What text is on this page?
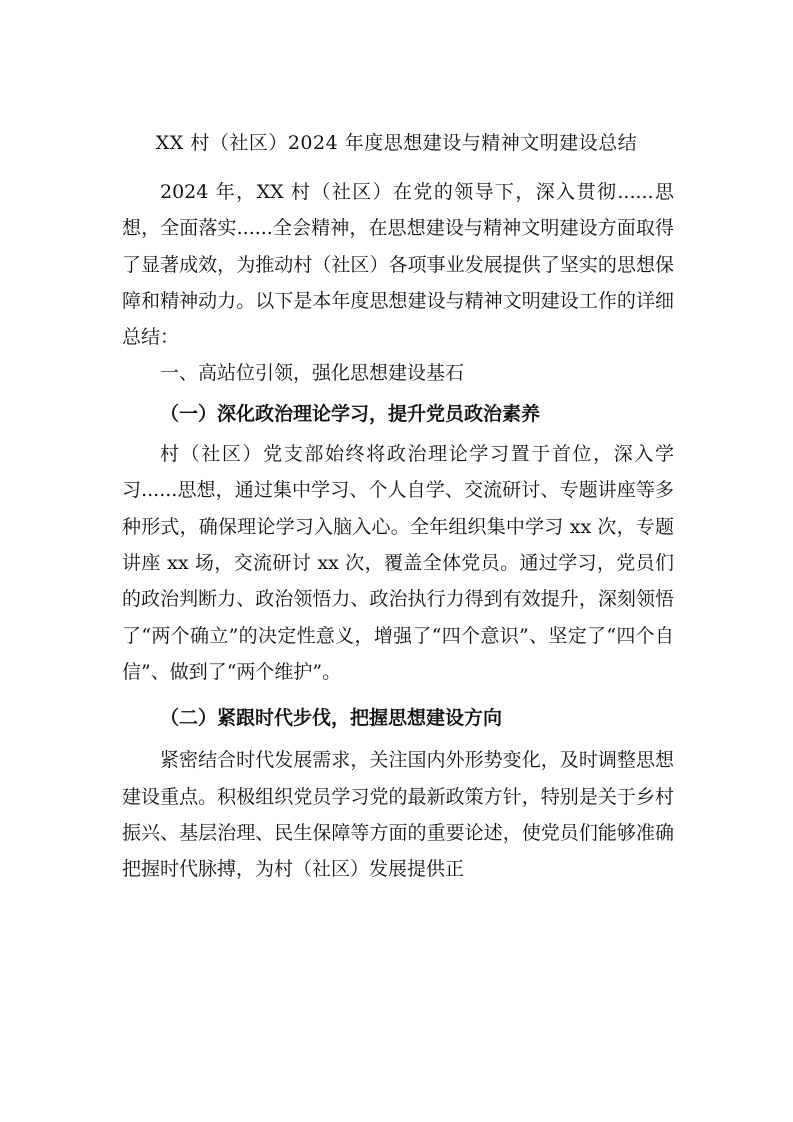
XX 村（社区）2024 年度思想建设与精神文明建设总结

2024 年，XX 村（社区）在党的领导下，深入贯彻......思想，全面落实......全会精神，在思想建设与精神文明建设方面取得了显著成效，为推动村（社区）各项事业发展提供了坚实的思想保障和精神动力。以下是本年度思想建设与精神文明建设工作的详细总结：

一、高站位引领，强化思想建设基石

（一）深化政治理论学习，提升党员政治素养

村（社区）党支部始终将政治理论学习置于首位，深入学习......思想，通过集中学习、个人自学、交流研讨、专题讲座等多种形式，确保理论学习入脑入心。全年组织集中学习 xx 次，专题讲座 xx 场，交流研讨 xx 次，覆盖全体党员。通过学习，党员们的政治判断力、政治领悟力、政治执行力得到有效提升，深刻领悟了“两个确立”的决定性意义，增强了“四个意识”、坚定了“四个自信”、做到了“两个维护”。

（二）紧跟时代步伐，把握思想建设方向

紧密结合时代发展需求，关注国内外形势变化，及时调整思想建设重点。积极组织党员学习党的最新政策方针，特别是关于乡村振兴、基层治理、民生保障等方面的重要论述，使党员们能够准确把握时代脉搏，为村（社区）发展提供正
